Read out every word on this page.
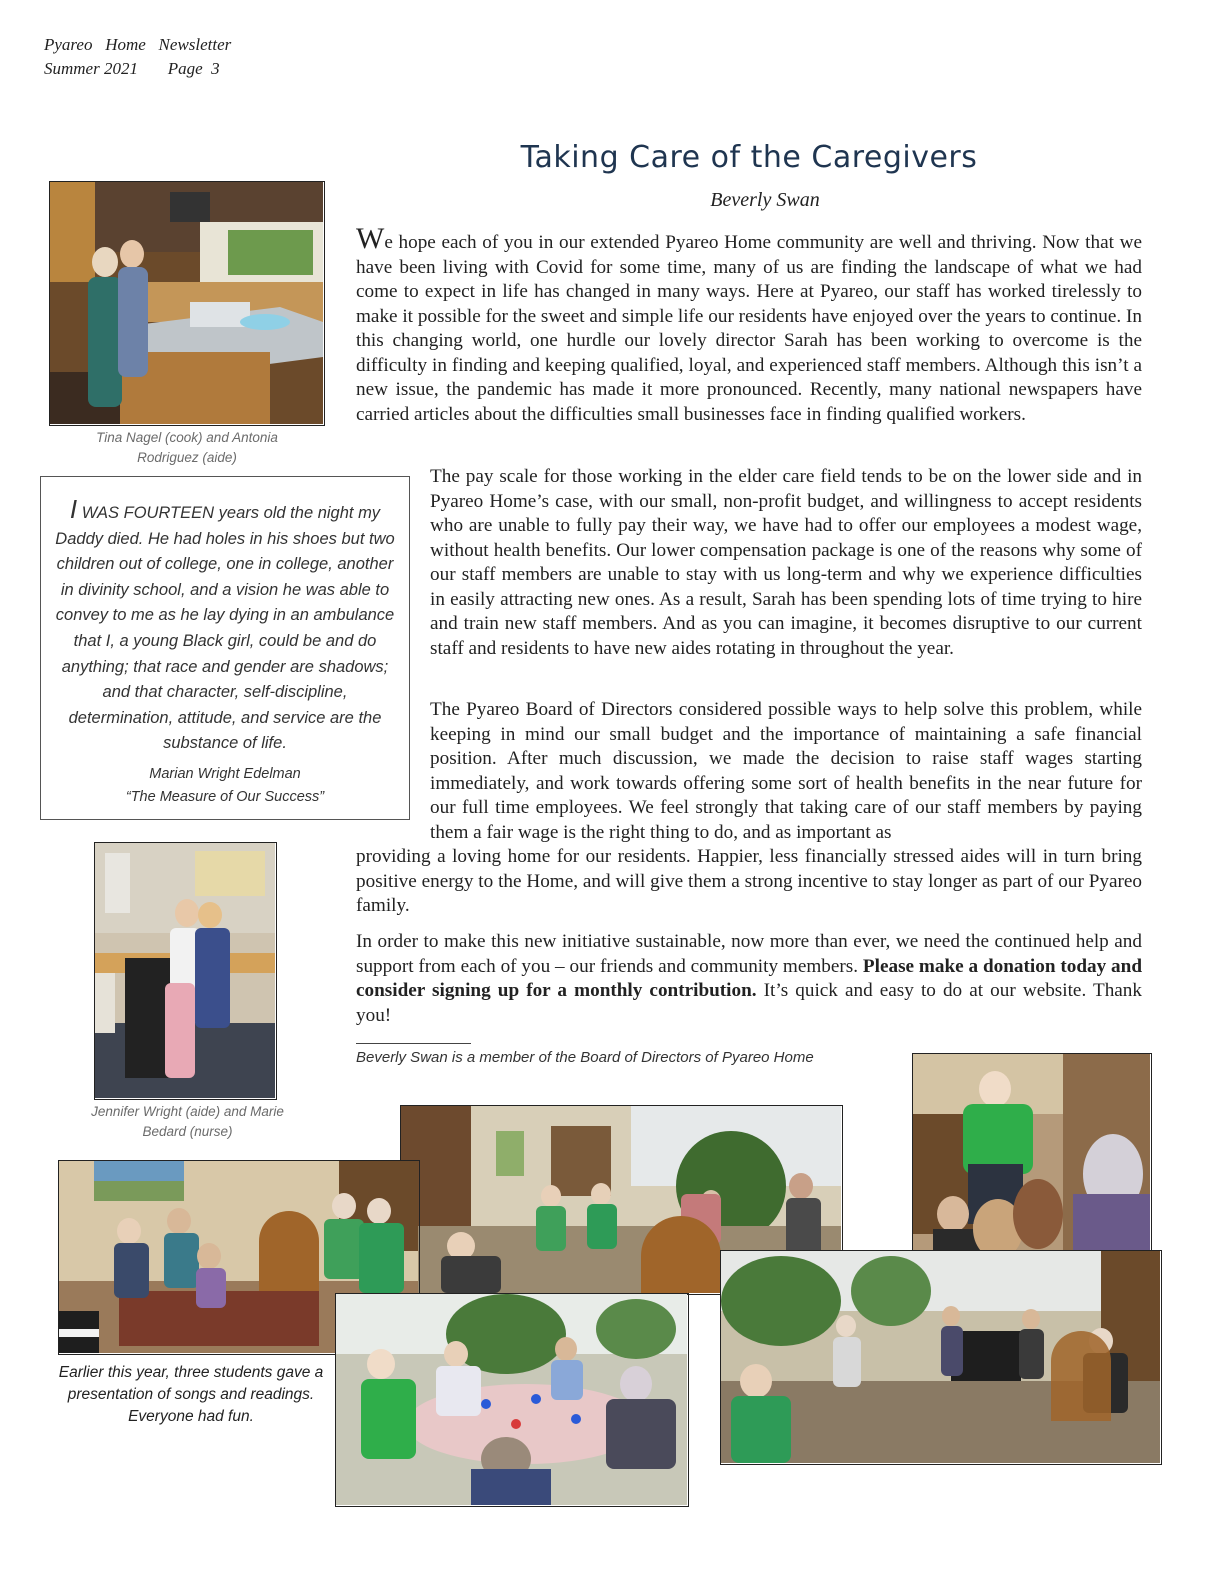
Pyareo   Home   Newsletter
Summer 2021       Page  3
Taking Care of the Caregivers
Beverly Swan
Tina Nagel (cook) and Antonia
Rodriguez (aide)
I WAS FOURTEEN years old the night my Daddy died. He had holes in his shoes but two children out of college, one in college, another in divinity school, and a vision he was able to convey to me as he lay dying in an ambulance that I, a young Black girl, could be and do anything; that race and gender are shadows; and that character, self-discipline, determination, attitude, and service are the substance of life.
Marian Wright Edelman
“The Measure of Our Success”
Jennifer Wright (aide) and Marie
Bedard (nurse)

We hope each of you in our extended Pyareo Home community are well and thriving. Now that we have been living with Covid for some time, many of us are finding the landscape of what we had come to expect in life has changed in many ways. Here at Pyareo, our staff has worked tirelessly to make it possible for the sweet and simple life our residents have enjoyed over the years to continue. In this changing world, one hurdle our lovely director Sarah has been working to overcome is the difficulty in finding and keeping qualified, loyal, and experienced staff members. Although this isn’t a new issue, the pandemic has made it more pronounced. Recently, many national newspapers have carried articles about the difficulties small businesses face in finding qualified workers.

The pay scale for those working in the elder care field tends to be on the lower side and in Pyareo Home’s case, with our small, non-profit budget, and willingness to accept residents who are unable to fully pay their way, we have had to offer our employees a modest wage, without health benefits. Our lower compensation package is one of the reasons why some of our staff members are unable to stay with us long-term and why we experience difficulties in easily attracting new ones. As a result, Sarah has been spending lots of time trying to hire and train new staff members. And as you can imagine, it becomes disruptive to our current staff and residents to have new aides rotating in throughout the year.

The Pyareo Board of Directors considered possible ways to help solve this problem, while keeping in mind our small budget and the importance of maintaining a safe financial position. After much discussion, we made the decision to raise staff wages starting immediately, and work towards offering some sort of health benefits in the near future for our full time employees. We feel strongly that taking care of our staff members by paying them a fair wage is the right thing to do, and as important as

providing a loving home for our residents. Happier, less financially stressed aides will in turn bring positive energy to the Home, and will give them a strong incentive to stay longer as part of our Pyareo family.

In order to make this new initiative sustainable, now more than ever, we need the continued help and support from each of you – our friends and community members. Please make a donation today and consider signing up for a monthly contribution. It’s quick and easy to do at our website. Thank you!

Beverly Swan is a member of the Board of Directors of Pyareo Home
Earlier this year, three students gave a presentation of songs and readings. Everyone had fun.
